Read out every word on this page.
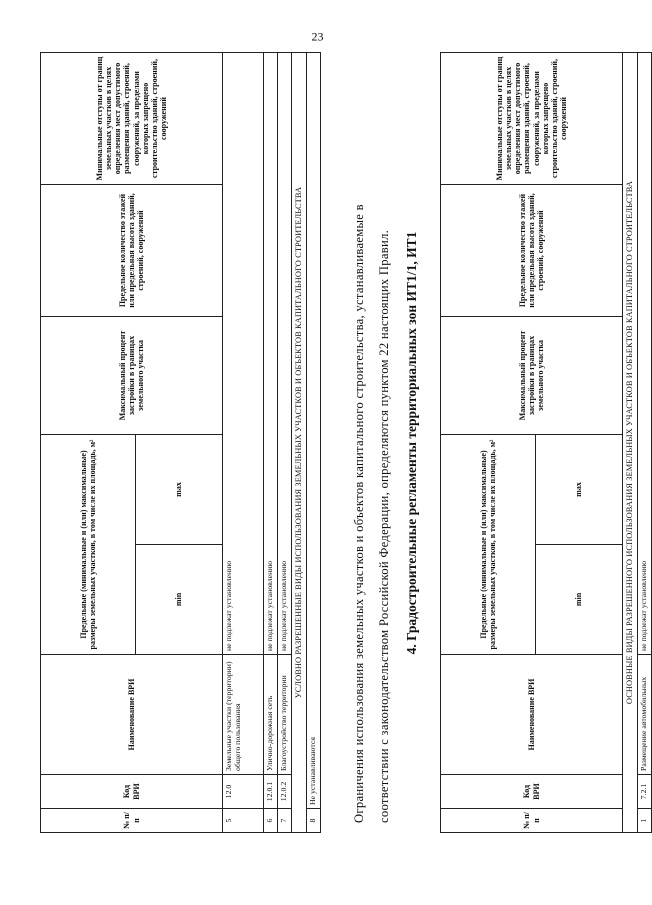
23
№ п/п	Код ВРИ	Наименование ВРИ	Предельные (минимальные и (или) максимальные) размеры земельных участков, в том числе их площадь, м²		Максимальный процент застройки в границах земельного участка	Предельное количество этажей или предельная высота зданий, строений, сооружений	Минимальные отступы от границ земельных участков в целях определения мест допустимого размещения зданий, строений, сооружений, за пределами которых запрещено строительство зданий, строений, сооружений
			min	max			
5	12.0	Земельные участки (территории) общего пользования	не подлежат установлению				
6	12.0.1	Улично-дорожная сеть	не подлежат установлению				
7	12.0.2	Благоустройство территории	не подлежат установлению				
УСЛОВНО РАЗРЕШЕННЫЕ ВИДЫ ИСПОЛЬЗОВАНИЯ ЗЕМЕЛЬНЫХ УЧАСТКОВ И ОБЪЕКТОВ КАПИТАЛЬНОГО СТРОИТЕЛЬСТВА							
8	Не устанавливаются							Ограничения использования земельных участков и объектов капитального строительства, устанавливаемые в соответствии с законодательством Российской Федерации, определяются пунктом 22 настоящих Правил. 4. Градостроительные регламенты территориальных зон ИТ1/1, ИТ1
№ п/п	Код ВРИ	Наименование ВРИ	Предельные (минимальные и (или) максимальные) размеры земельных участков, в том числе их площадь, м²		Максимальный процент застройки в границах земельного участка	Предельное количество этажей или предельная высота зданий, строений, сооружений	Минимальные отступы от границ земельных участков в целях определения мест допустимого размещения зданий, строений, сооружений, за пределами которых запрещено строительство зданий, строений, сооружений
			min	max			
ОСНОВНЫЕ ВИДЫ РАЗРЕШЕННОГО ИСПОЛЬЗОВАНИЯ ЗЕМЕЛЬНЫХ УЧАСТКОВ И ОБЪЕКТОВ КАПИТАЛЬНОГО СТРОИТЕЛЬСТВА							
1	7.2.1	Размещение автомобильных	не подлежат установлению				
